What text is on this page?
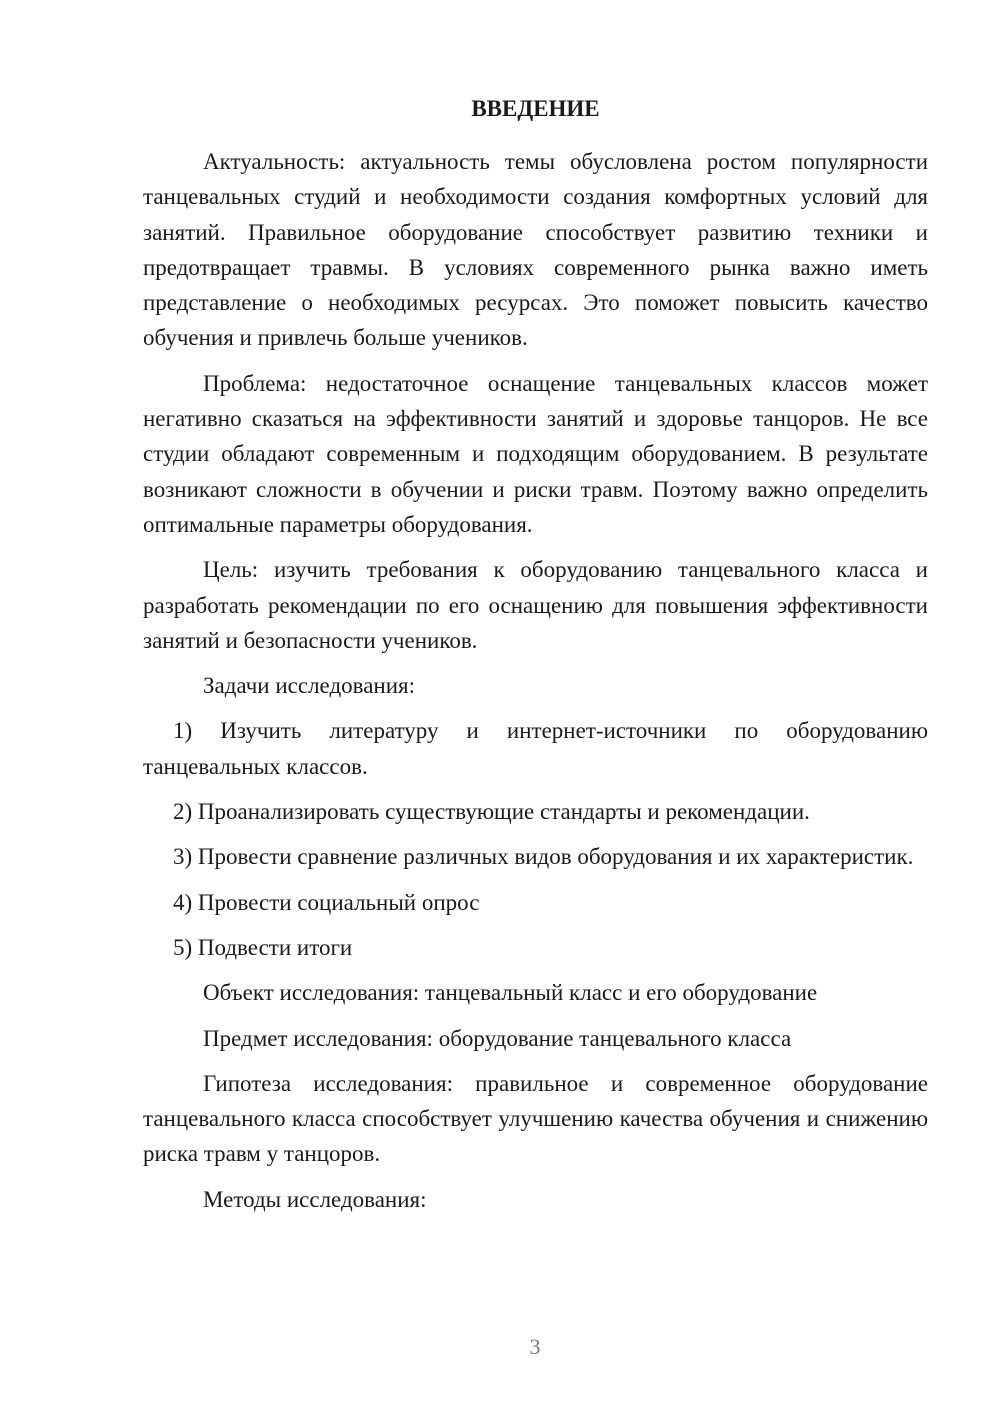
ВВЕДЕНИЕ

Актуальность: актуальность темы обусловлена ростом популярности танцевальных студий и необходимости создания комфортных условий для занятий. Правильное оборудование способствует развитию техники и предотвращает травмы. В условиях современного рынка важно иметь представление о необходимых ресурсах. Это поможет повысить качество обучения и привлечь больше учеников.

Проблема: недостаточное оснащение танцевальных классов может негативно сказаться на эффективности занятий и здоровье танцоров. Не все студии обладают современным и подходящим оборудованием. В результате возникают сложности в обучении и риски травм. Поэтому важно определить оптимальные параметры оборудования.

Цель: изучить требования к оборудованию танцевального класса и разработать рекомендации по его оснащению для повышения эффективности занятий и безопасности учеников.

Задачи исследования:

1) Изучить литературу и интернет-источники по оборудованию танцевальных классов.

2) Проанализировать существующие стандарты и рекомендации.

3) Провести сравнение различных видов оборудования и их характеристик.

4) Провести социальный опрос

5) Подвести итоги

Объект исследования: танцевальный класс и его оборудование

Предмет исследования: оборудование танцевального класса

Гипотеза исследования: правильное и современное оборудование танцевального класса способствует улучшению качества обучения и снижению риска травм у танцоров.

Методы исследования:

3
